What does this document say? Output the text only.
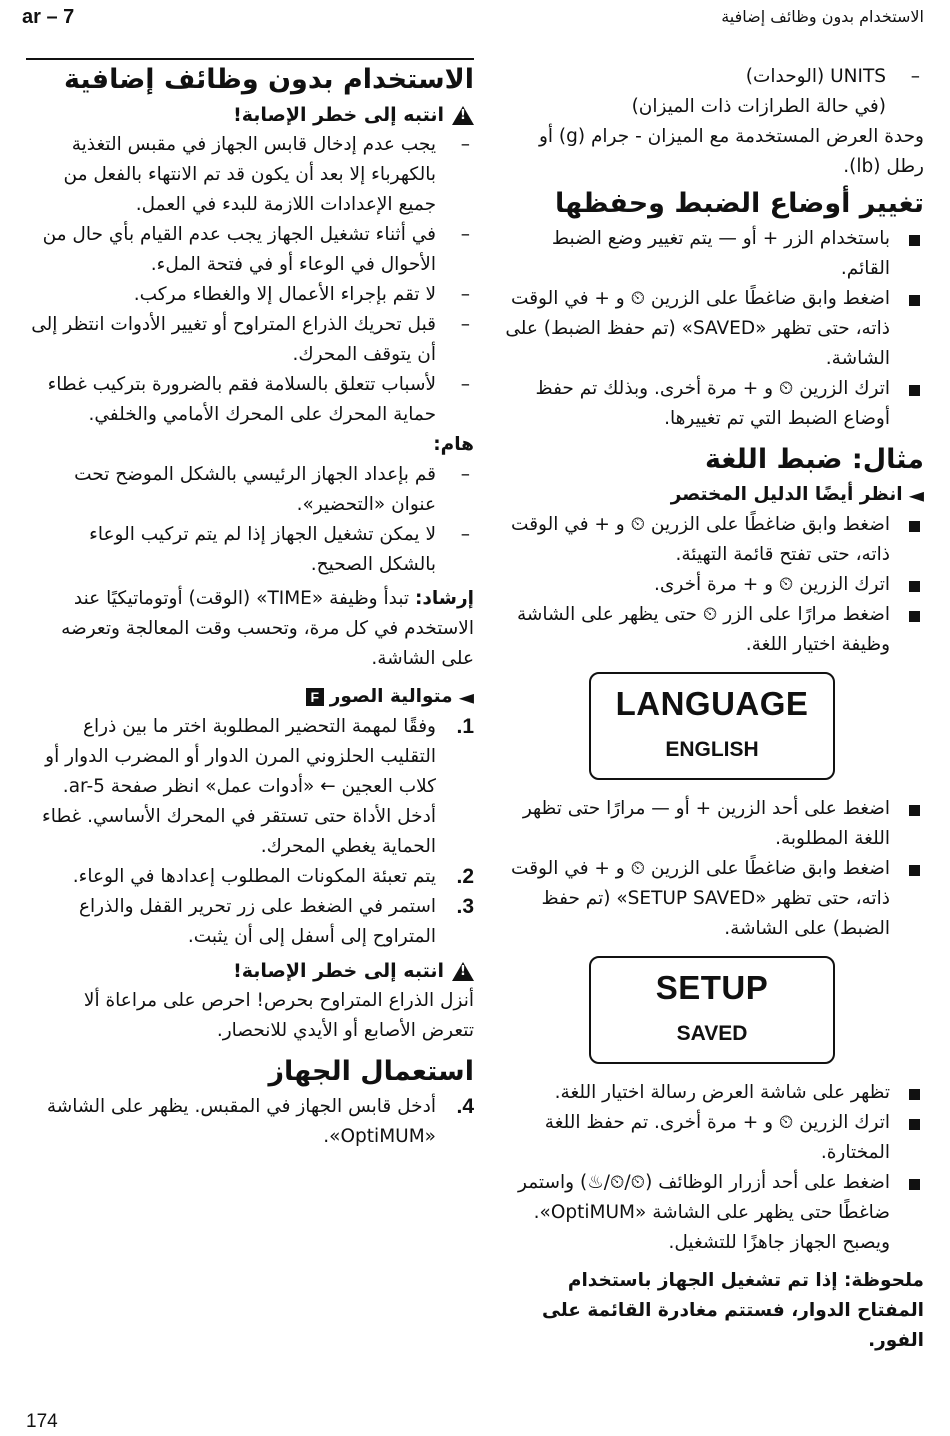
ar – 7	الاستخدام بدون وظائف إضافية

الاستخدام بدون وظائف إضافية

!
انتبه إلى خطر الإصابة!

– يجب عدم إدخال قابس الجهاز في مقبس التغذية بالكهرباء إلا بعد أن يكون قد تم الانتهاء بالفعل من جميع الإعدادات اللازمة للبدء في العمل.

– في أثناء تشغيل الجهاز يجب عدم القيام بأي حال من الأحوال في الوعاء أو في فتحة الملء.

– لا تقم بإجراء الأعمال إلا والغطاء مركب.

– قبل تحريك الذراع المتراوح أو تغيير الأدوات انتظر إلى أن يتوقف المحرك.

– لأسباب تتعلق بالسلامة فقم بالضرورة بتركيب غطاء حماية المحرك على المحرك الأمامي والخلفي.

هام:

– قم بإعداد الجهاز الرئيسي بالشكل الموضح تحت عنوان «التحضير».

– لا يمكن تشغيل الجهاز إذا لم يتم تركيب الوعاء بالشكل الصحيح.

إرشاد: تبدأ وظيفة «TIME» (الوقت) أوتوماتيكيًا عند الاستخدم في كل مرة، وتحسب وقت المعالجة وتعرضه على الشاشة.

◄
متوالية الصور
F

1.
وفقًا لمهمة التحضير المطلوبة اختر ما بين ذراع التقليب الحلزوني المرن الدوار أو المضرب الدوار أو كلاب العجين ← «أدوات عمل» انظر صفحة ar-5.

أدخل الأداة حتى تستقر في المحرك الأساسي. غطاء الحماية يغطي المحرك.

2.
يتم تعبئة المكونات المطلوب إعدادها في الوعاء.

3.
استمر في الضغط على زر تحرير القفل والذراع المتراوح إلى أسفل إلى أن يثبت.

!
انتبه إلى خطر الإصابة!

أنزل الذراع المتراوح بحرص! احرص على مراعاة ألا تتعرض الأصابع أو الأيدي للانحصار.

استعمال الجهاز

4.
أدخل قابس الجهاز في المقبس. يظهر على الشاشة «OptiMUM».

– UNITS (الوحدات)

(في حالة الطرازات ذات الميزان)

وحدة العرض المستخدمة مع الميزان - جرام (g) أو رطل (lb).

تغيير أوضاع الضبط وحفظها

باستخدام الزر + أو — يتم تغيير وضع الضبط القائم.

اضغط وابق ضاغطًا على الزرين ⏲ و + في الوقت ذاته، حتى تظهر «SAVED» (تم حفظ الضبط) على الشاشة.

اترك الزرين ⏲ و + مرة أخرى. وبذلك تم حفظ أوضاع الضبط التي تم تغييرها.

مثال: ضبط اللغة

◄
انظر أيضًا الدليل المختصر

اضغط وابق ضاغطًا على الزرين ⏲ و + في الوقت ذاته، حتى تفتح قائمة التهيئة.

اترك الزرين ⏲ و + مرة أخرى.

اضغط مرارًا على الزر ⏲ حتى يظهر على الشاشة وظيفة اختيار اللغة.

LANGUAGE
ENGLISH

اضغط على أحد الزرين + أو — مرارًا حتى تظهر اللغة المطلوبة.

اضغط وابق ضاغطًا على الزرين ⏲ و + في الوقت ذاته، حتى تظهر «SETUP SAVED» (تم حفظ الضبط) على الشاشة.

SETUP
SAVED

تظهر على شاشة العرض رسالة اختيار اللغة.

اترك الزرين ⏲ و + مرة أخرى. تم حفظ اللغة المختارة.

اضغط على أحد أزرار الوظائف (⏲/⏲/♨) واستمر ضاغطًا حتى يظهر على الشاشة «OptiMUM». ويصبح الجهاز جاهزًا للتشغيل.

ملحوظة: إذا تم تشغيل الجهاز باستخدام المفتاح الدوار، فستتم مغادرة القائمة على الفور.

174
